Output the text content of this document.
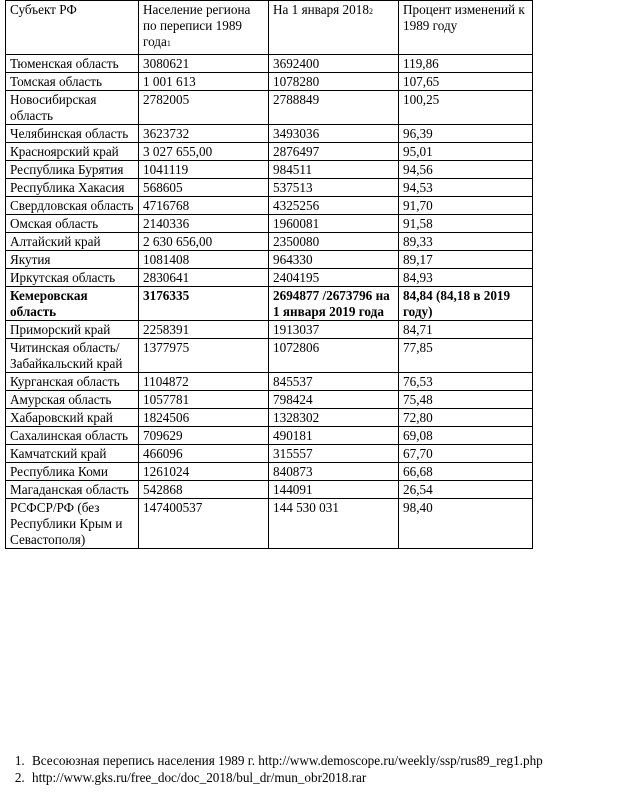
Субъект РФ	Население региона по переписи 1989 года1	На 1 января 20182	Процент изменений к 1989 году
Тюменская область	3080621	3692400	119,86
Томская область	1 001 613	1078280	107,65
Новосибирская область	2782005	2788849	100,25
Челябинская область	3623732	3493036	96,39
Красноярский край	3 027 655,00	2876497	95,01
Республика Бурятия	1041119	984511	94,56
Республика Хакасия	568605	537513	94,53
Свердловская область	4716768	4325256	91,70
Омская область	2140336	1960081	91,58
Алтайский край	2 630 656,00	2350080	89,33
Якутия	1081408	964330	89,17
Иркутская область	2830641	2404195	84,93
Кемеровская область	3176335	2694877 /2673796 на 1 января 2019 года	84,84 (84,18 в 2019 году)
Приморский край	2258391	1913037	84,71
Читинская область/ Забайкальский край	1377975	1072806	77,85
Курганская область	1104872	845537	76,53
Амурская область	1057781	798424	75,48
Хабаровский край	1824506	1328302	72,80
Сахалинская область	709629	490181	69,08
Камчатский край	466096	315557	67,70
Республика Коми	1261024	840873	66,68
Магаданская область	542868	144091	26,54
РСФСР/РФ (без Республики Крым и Севастополя)	147400537	144 530 031	98,40
1. Всесоюзная перепись населения 1989 г. http://www.demoscope.ru/weekly/ssp/rus89_reg1.php
2. http://www.gks.ru/free_doc/doc_2018/bul_dr/mun_obr2018.rar
